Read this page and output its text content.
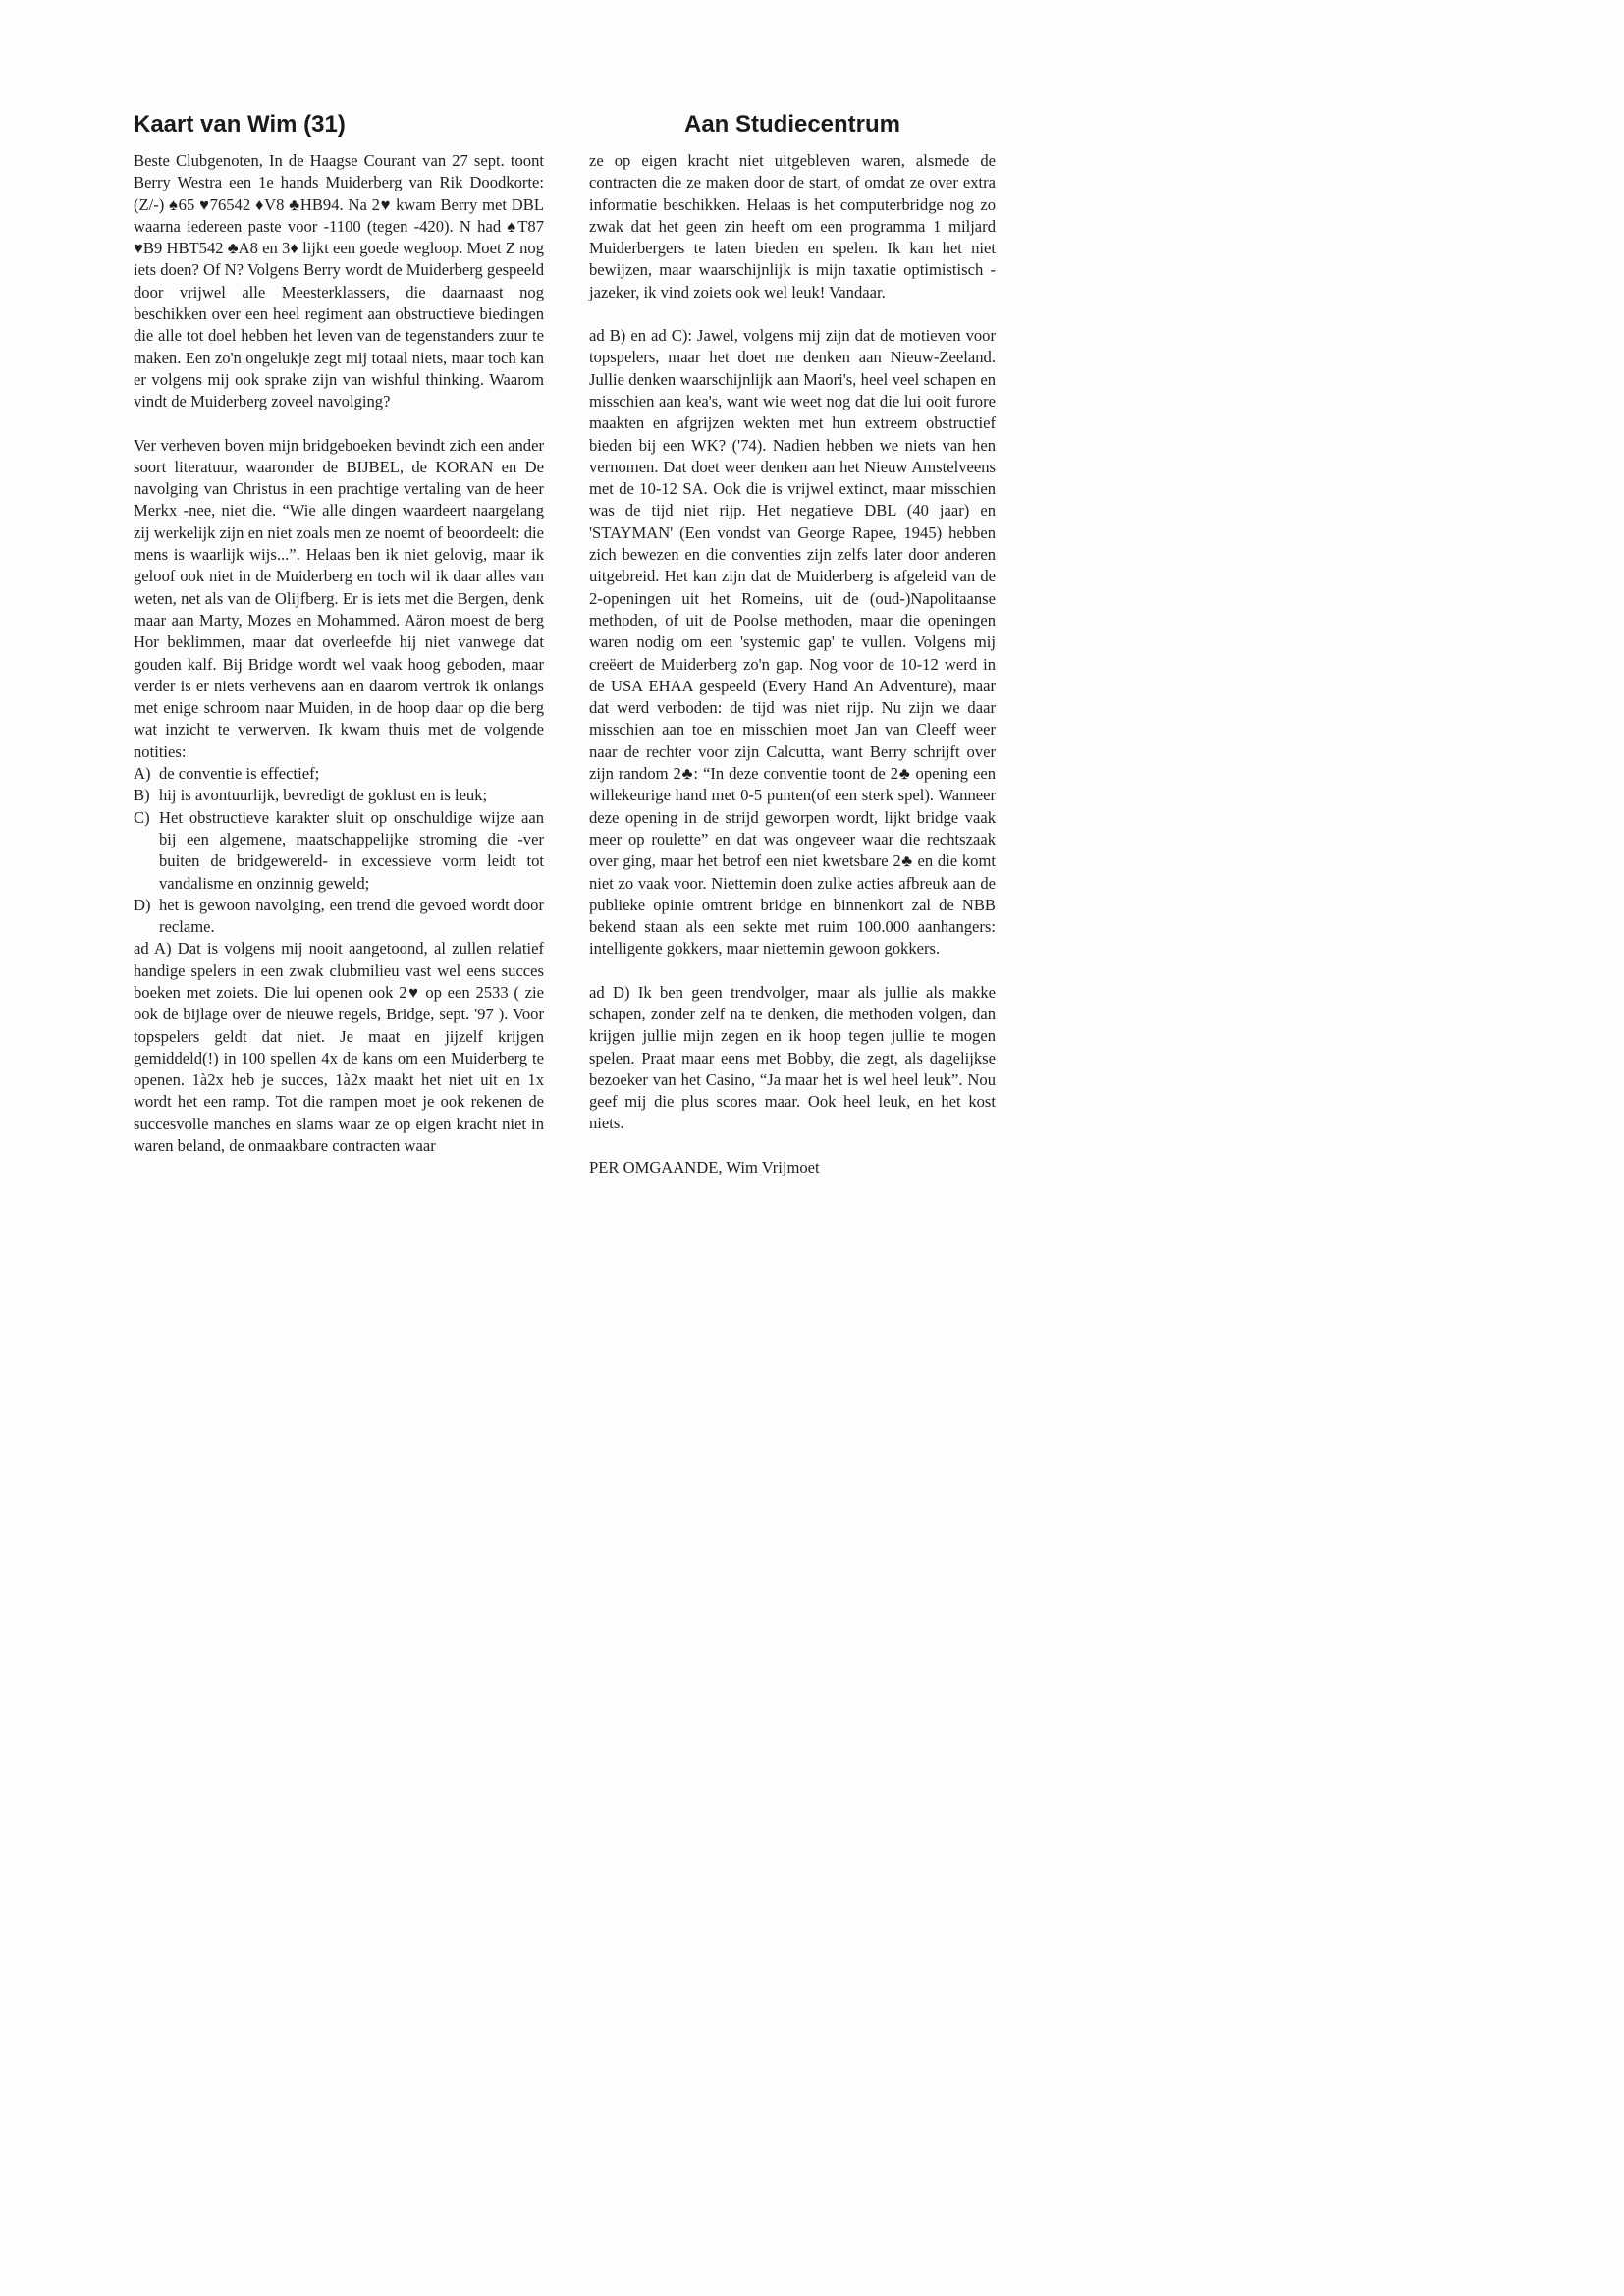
Kaart van Wim (31)

Beste Clubgenoten, In de Haagse Courant van 27 sept. toont Berry Westra een 1e hands Muiderberg van Rik Doodkorte: (Z/-) ♠65 ♥76542 ♦V8 ♣HB94. Na 2♥ kwam Berry met DBL waarna iedereen paste voor -1100 (tegen -420). N had ♠T87 ♥B9 HBT542 ♣A8 en 3♦ lijkt een goede wegloop. Moet Z nog iets doen? Of N? Volgens Berry wordt de Muiderberg gespeeld door vrijwel alle Meesterklassers, die daarnaast nog beschikken over een heel regiment aan obstructieve biedingen die alle tot doel hebben het leven van de tegenstanders zuur te maken. Een zo'n ongelukje zegt mij totaal niets, maar toch kan er volgens mij ook sprake zijn van wishful thinking. Waarom vindt de Muiderberg zoveel navolging?

Ver verheven boven mijn bridgeboeken bevindt zich een ander soort literatuur, waaronder de BIJBEL, de KORAN en De navolging van Christus in een prachtige vertaling van de heer Merkx -nee, niet die. “Wie alle dingen waardeert naargelang zij werkelijk zijn en niet zoals men ze noemt of beoordeelt: die mens is waarlijk wijs...”. Helaas ben ik niet gelovig, maar ik geloof ook niet in de Muiderberg en toch wil ik daar alles van weten, net als van de Olijfberg. Er is iets met die Bergen, denk maar aan Marty, Mozes en Mohammed. Aäron moest de berg Hor beklimmen, maar dat overleefde hij niet vanwege dat gouden kalf. Bij Bridge wordt wel vaak hoog geboden, maar verder is er niets verhevens aan en daarom vertrok ik onlangs met enige schroom naar Muiden, in de hoop daar op die berg wat inzicht te verwerven. Ik kwam thuis met de volgende notities:

A) de conventie is effectief;
B) hij is avontuurlijk, bevredigt de goklust en is leuk;
C) Het obstructieve karakter sluit op onschuldige wijze aan bij een algemene, maatschappelijke stroming die -ver buiten de bridgewereld- in excessieve vorm leidt tot vandalisme en onzinnig geweld;
D) het is gewoon navolging, een trend die gevoed wordt door reclame.

ad A) Dat is volgens mij nooit aangetoond, al zullen relatief handige spelers in een zwak clubmilieu vast wel eens succes boeken met zoiets. Die lui openen ook 2♥ op een 2533 ( zie ook de bijlage over de nieuwe regels, Bridge, sept. '97 ). Voor topspelers geldt dat niet. Je maat en jijzelf krijgen gemiddeld(!) in 100 spellen 4x de kans om een Muiderberg te openen. 1à2x heb je succes, 1à2x maakt het niet uit en 1x wordt het een ramp. Tot die rampen moet je ook rekenen de succesvolle manches en slams waar ze op eigen kracht niet in waren beland, de onmaakbare contracten waar

Aan Studiecentrum

ze op eigen kracht niet uitgebleven waren, alsmede de contracten die ze maken door de start, of omdat ze over extra informatie beschikken. Helaas is het computerbridge nog zo zwak dat het geen zin heeft om een programma 1 miljard Muiderbergers te laten bieden en spelen. Ik kan het niet bewijzen, maar waarschijnlijk is mijn taxatie optimistisch -jazeker, ik vind zoiets ook wel leuk! Vandaar.

ad B) en ad C): Jawel, volgens mij zijn dat de motieven voor topspelers, maar het doet me denken aan Nieuw-Zeeland. Jullie denken waarschijnlijk aan Maori's, heel veel schapen en misschien aan kea's, want wie weet nog dat die lui ooit furore maakten en afgrijzen wekten met hun extreem obstructief bieden bij een WK? ('74). Nadien hebben we niets van hen vernomen. Dat doet weer denken aan het Nieuw Amstelveens met de 10-12 SA. Ook die is vrijwel extinct, maar misschien was de tijd niet rijp. Het negatieve DBL (40 jaar) en 'STAYMAN' (Een vondst van George Rapee, 1945) hebben zich bewezen en die conventies zijn zelfs later door anderen uitgebreid. Het kan zijn dat de Muiderberg is afgeleid van de 2-openingen uit het Romeins, uit de (oud-)Napolitaanse methoden, of uit de Poolse methoden, maar die openingen waren nodig om een 'systemic gap' te vullen. Volgens mij creëert de Muiderberg zo'n gap. Nog voor de 10-12 werd in de USA EHAA gespeeld (Every Hand An Adventure), maar dat werd verboden: de tijd was niet rijp. Nu zijn we daar misschien aan toe en misschien moet Jan van Cleeff weer naar de rechter voor zijn Calcutta, want Berry schrijft over zijn random 2♣: “In deze conventie toont de 2♣ opening een willekeurige hand met 0-5 punten(of een sterk spel). Wanneer deze opening in de strijd geworpen wordt, lijkt bridge vaak meer op roulette” en dat was ongeveer waar die rechtszaak over ging, maar het betrof een niet kwetsbare 2♣ en die komt niet zo vaak voor. Niettemin doen zulke acties afbreuk aan de publieke opinie omtrent bridge en binnenkort zal de NBB bekend staan als een sekte met ruim 100.000 aanhangers: intelligente gokkers, maar niettemin gewoon gokkers.

ad D) Ik ben geen trendvolger, maar als jullie als makke schapen, zonder zelf na te denken, die methoden volgen, dan krijgen jullie mijn zegen en ik hoop tegen jullie te mogen spelen. Praat maar eens met Bobby, die zegt, als dagelijkse bezoeker van het Casino, “Ja maar het is wel heel leuk”. Nou geef mij die plus scores maar. Ook heel leuk, en het kost niets.

PER OMGAANDE, Wim Vrijmoet
